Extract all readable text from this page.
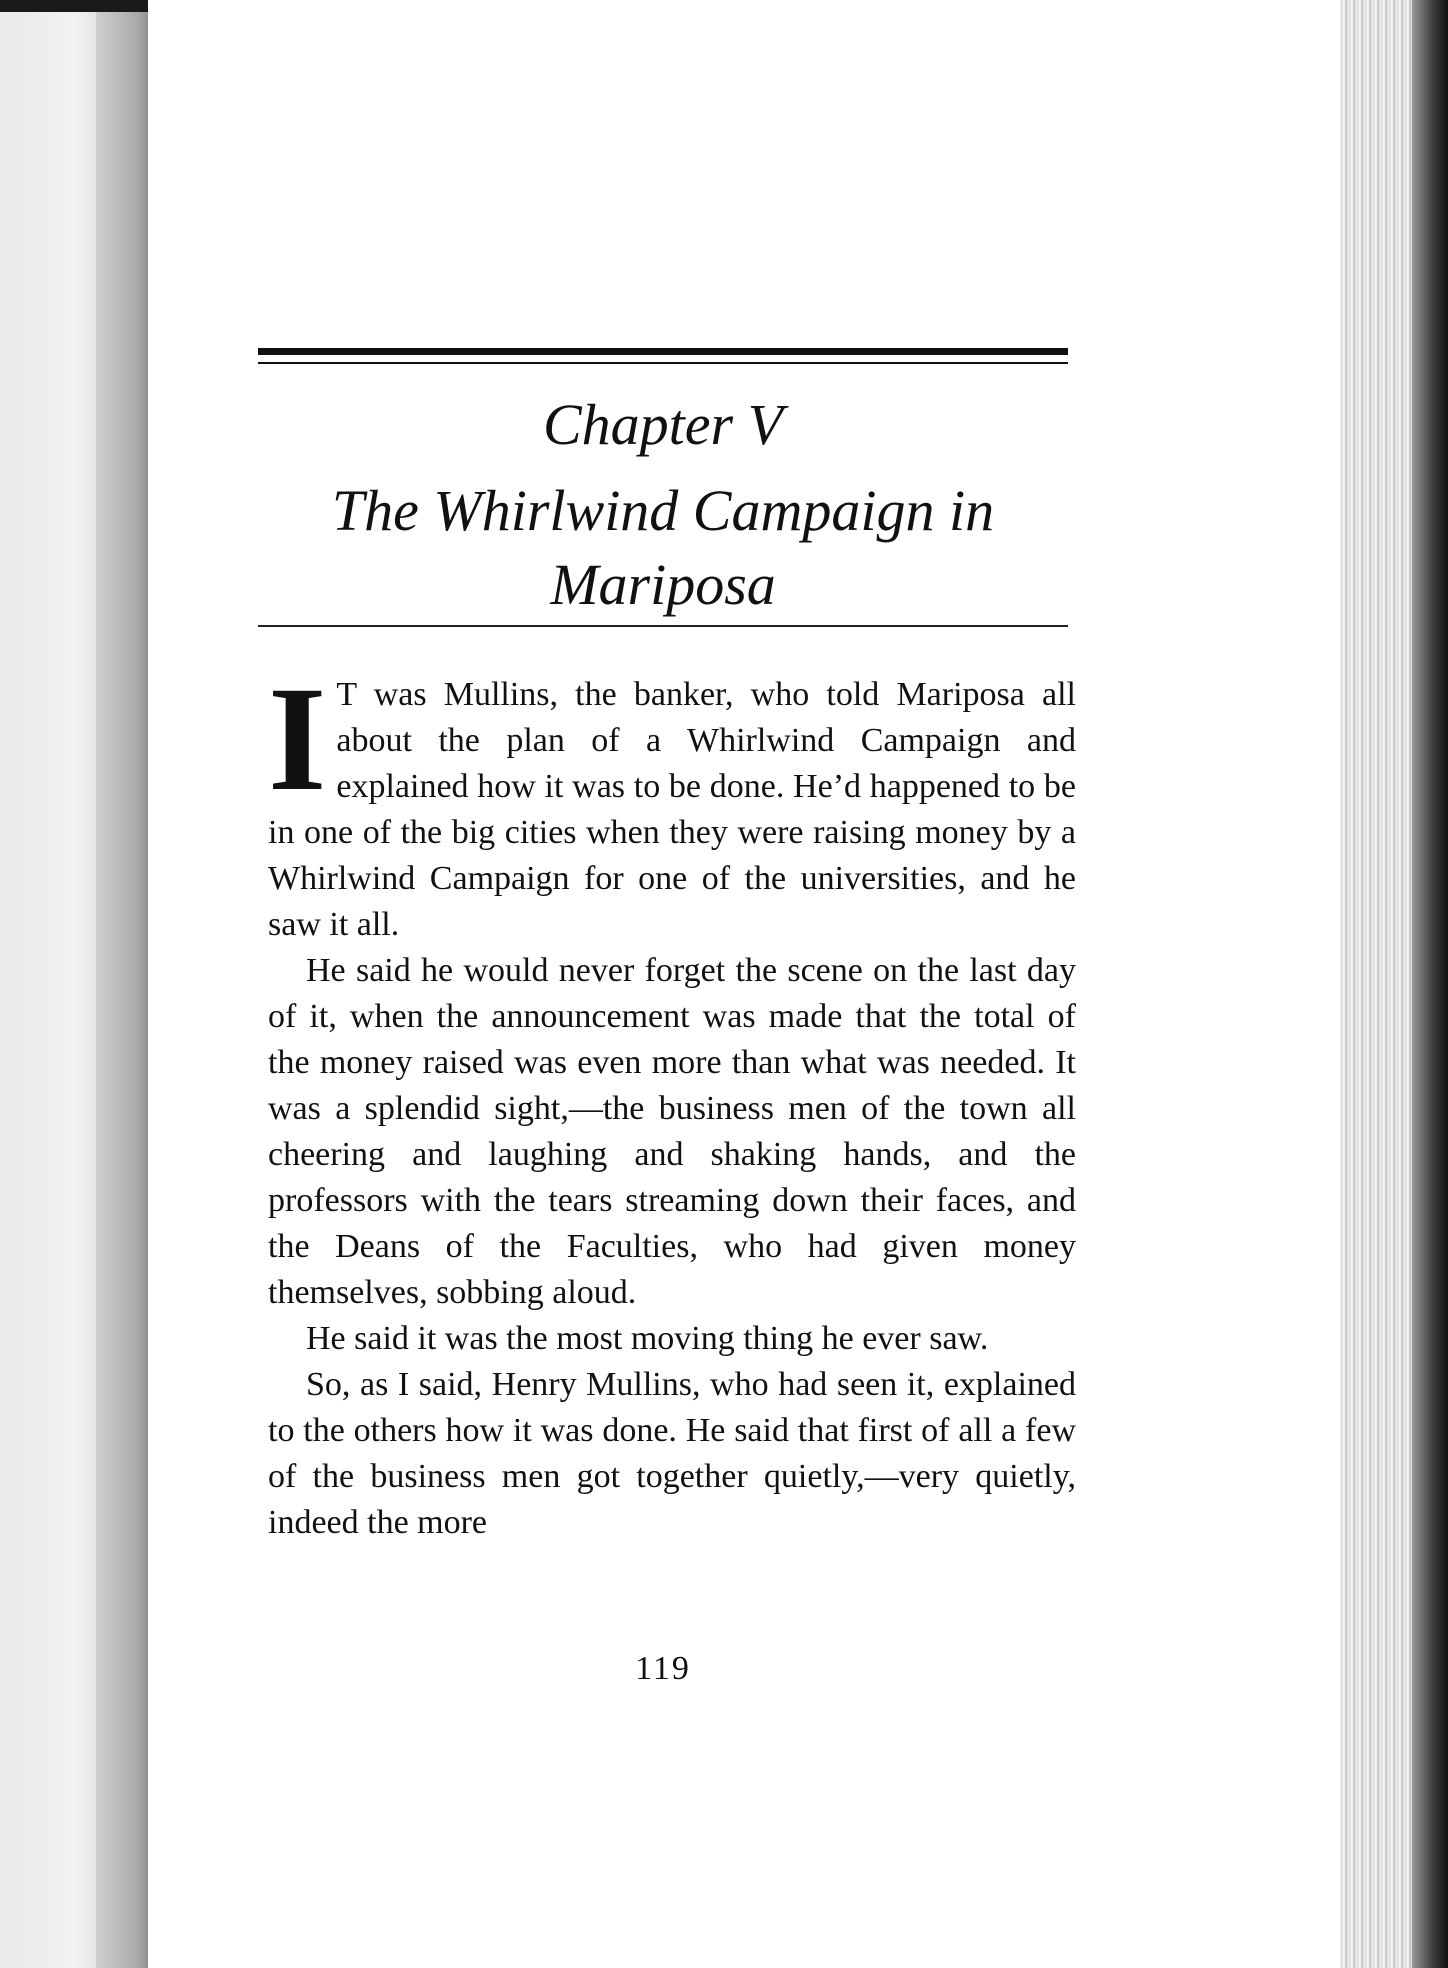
Chapter V
The Whirlwind Campaign in Mariposa

I T was Mullins, the banker, who told Mariposa all about the plan of a Whirlwind Campaign and explained how it was to be done. He’d happened to be in one of the big cities when they were raising money by a Whirlwind Campaign for one of the universities, and he saw it all.

He said he would never forget the scene on the last day of it, when the announcement was made that the total of the money raised was even more than what was needed. It was a splendid sight,—the business men of the town all cheering and laughing and shaking hands, and the professors with the tears streaming down their faces, and the Deans of the Faculties, who had given money themselves, sobbing aloud.

He said it was the most moving thing he ever saw.

So, as I said, Henry Mullins, who had seen it, explained to the others how it was done. He said that first of all a few of the business men got together quietly,—very quietly, indeed the more

119
